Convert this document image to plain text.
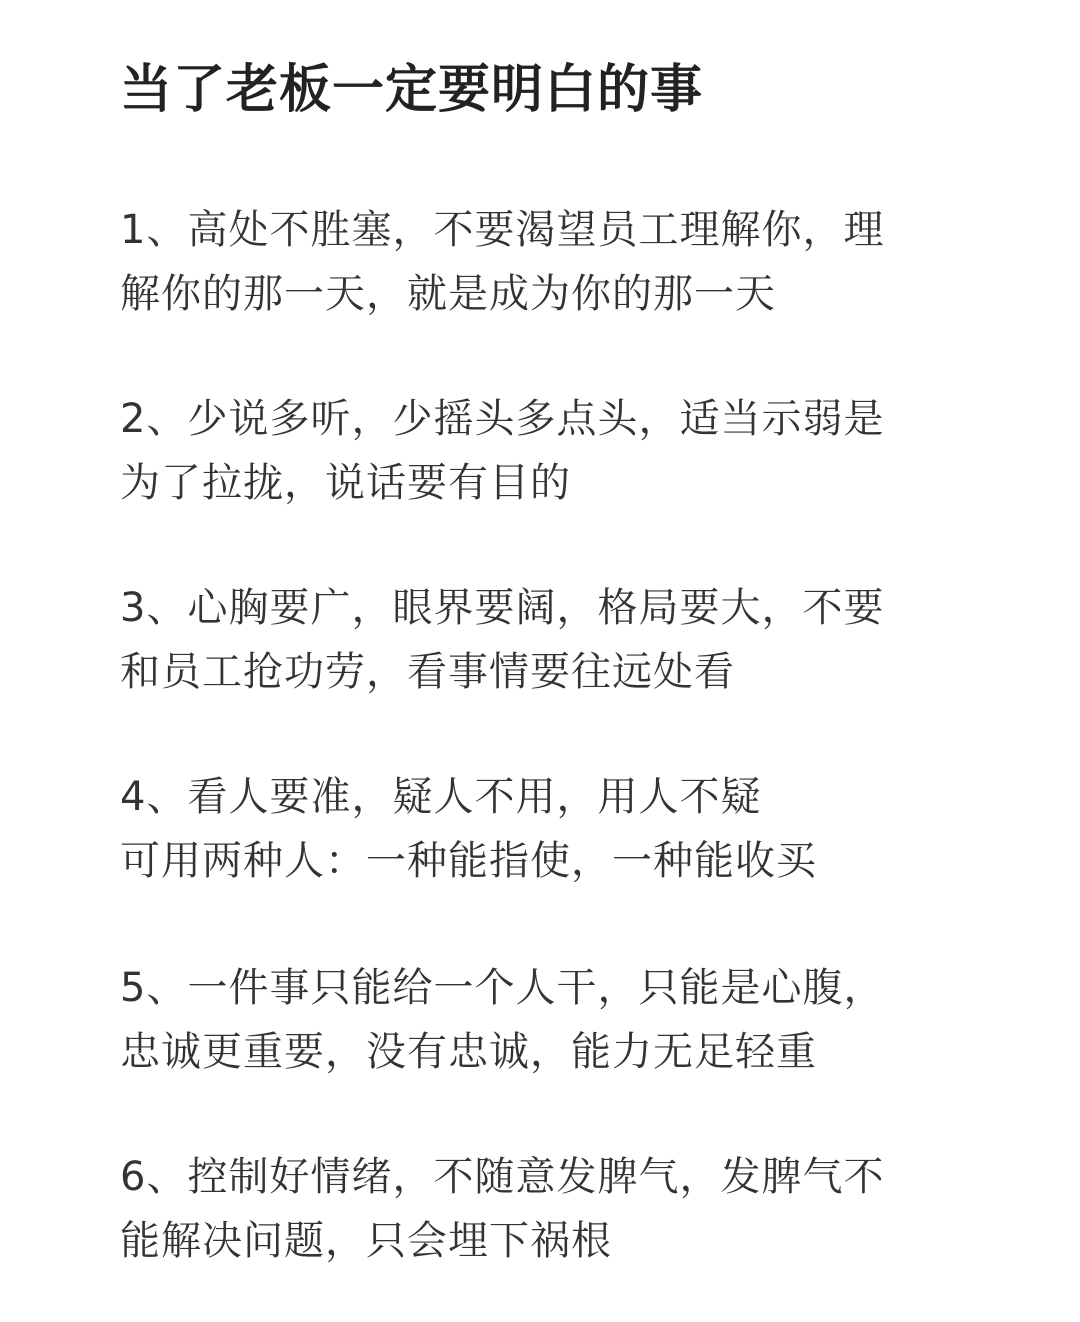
当了老板一定要明白的事
1、高处不胜塞，不要渴望员工理解你，理
解你的那一天，就是成为你的那一天
2、少说多听，少摇头多点头，适当示弱是
为了拉拢，说话要有目的
3、心胸要广，眼界要阔，格局要大，不要
和员工抢功劳，看事情要往远处看
4、看人要准，疑人不用，用人不疑
可用两种人：一种能指使，一种能收买
5、一件事只能给一个人干，只能是心腹，
忠诚更重要，没有忠诚，能力无足轻重
6、控制好情绪，不随意发脾气，发脾气不
能解决问题，只会埋下祸根
